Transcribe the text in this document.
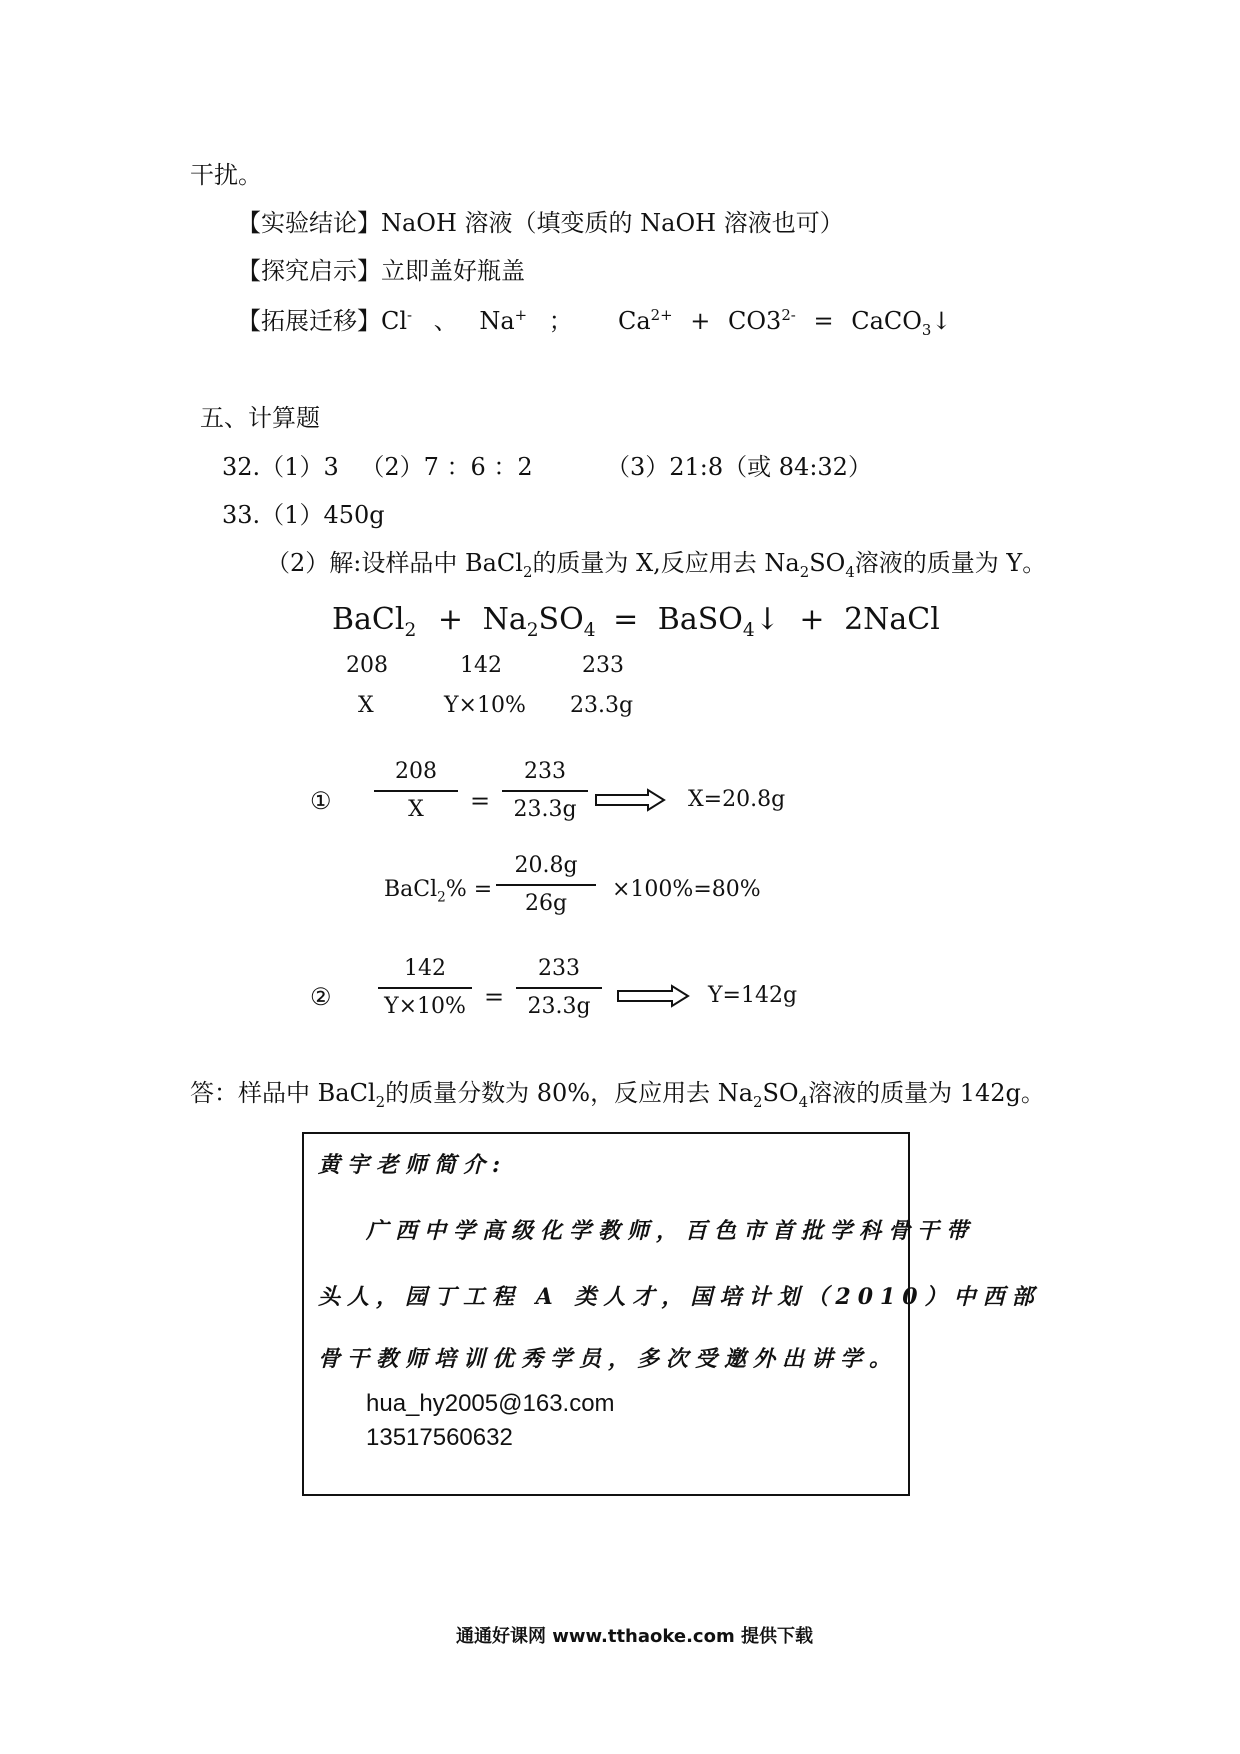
干扰。
【实验结论】NaOH 溶液（填变质的 NaOH 溶液也可）
【探究启示】立即盖好瓶盖
【拓展迁移】Cl- 、 Na+ ； $Ca^{2+} + CO3^{2-}$ = CaCO$_3$↓
五、计算题
32.（1）3 （2）7 ：6 ：2	（3）21:8（或 84:32）
33.（1）450g
（2）解:设样品中 BaCl$_2$的质量为 X,反应用去 $Na_2SO_4$溶液的质量为 Y。
BaCl$_2$ + $Na_2SO_4$ = BaSO$_4$↓ + 2NaCl
208	142	233
X	Y×10% 23.3g
①
208
X	=
233
23.3g	X=20.8g
BaCl$_2$% =
20.8g
26g
×100%=80%
②
142
Y×10% =
233
23.3g	Y=142g
答：样品中 BaCl$_2$的质量分数为 80%，反应用去 $Na_2SO_4$溶液的质量为 142g。
黄宇老师简介:
广西中学高级化学教师，百色市首批学科骨干带
头人，园丁工程 A 类人才，国培计划（2010）中西部
骨干教师培训优秀学员，多次受邀外出讲学。
hua_hy2005@163.com
13517560632
通通好课网 www.tthaoke.com 提供下载
